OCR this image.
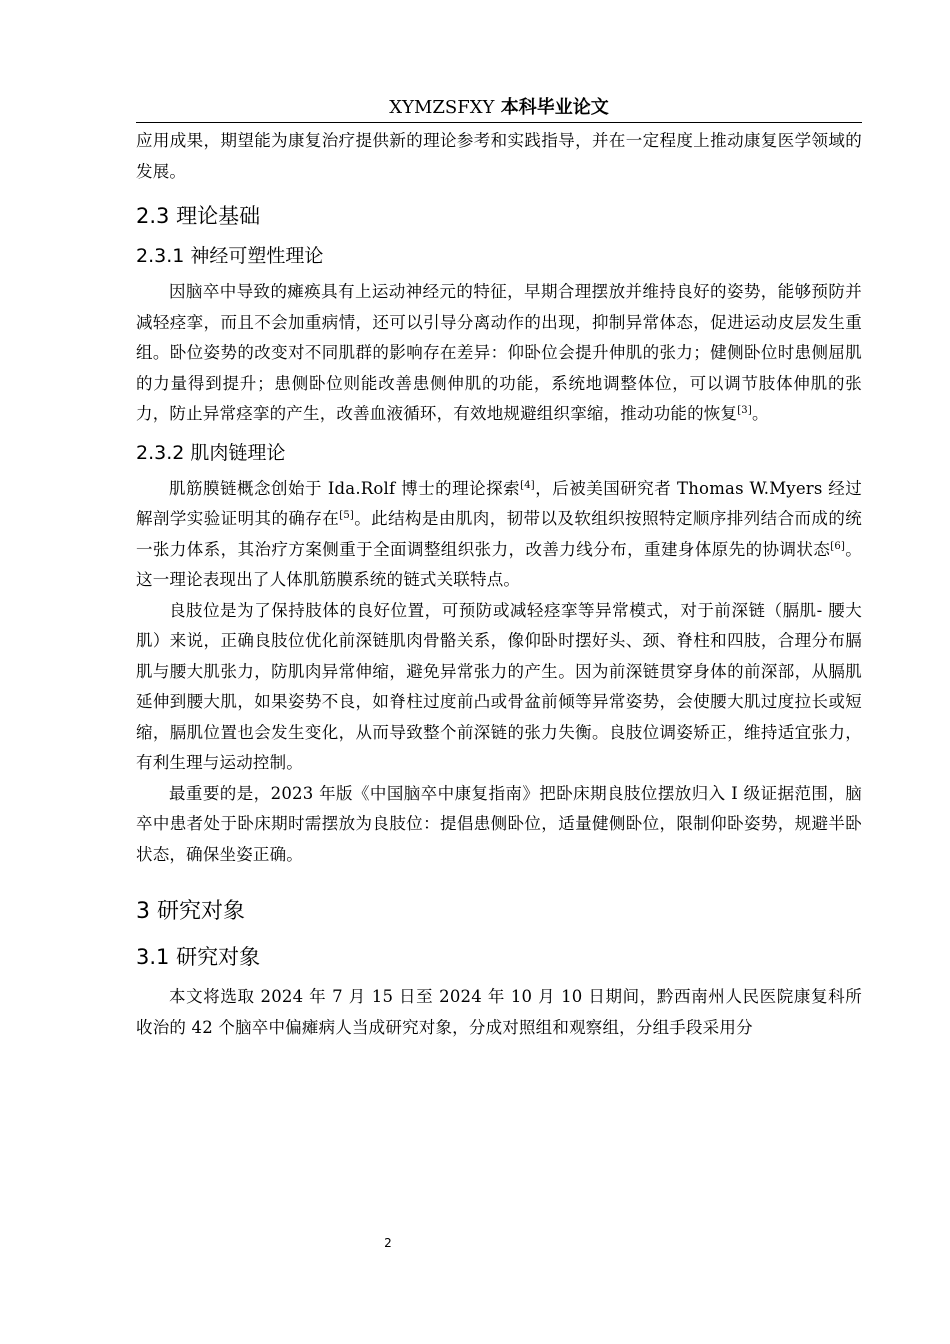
XYMZSFXY 本科毕业论文

应用成果，期望能为康复治疗提供新的理论参考和实践指导，并在一定程度上推动康复医学领域的发展。

2.3 理论基础
2.3.1 神经可塑性理论

因脑卒中导致的瘫痪具有上运动神经元的特征，早期合理摆放并维持良好的姿势，能够预防并减轻痉挛，而且不会加重病情，还可以引导分离动作的出现，抑制异常体态，促进运动皮层发生重组。卧位姿势的改变对不同肌群的影响存在差异：仰卧位会提升伸肌的张力；健侧卧位时患侧屈肌的力量得到提升；患侧卧位则能改善患侧伸肌的功能，系统地调整体位，可以调节肢体伸肌的张力，防止异常痉挛的产生，改善血液循环，有效地规避组织挛缩，推动功能的恢复[3]。

2.3.2 肌肉链理论

肌筋膜链概念创始于 Ida.Rolf 博士的理论探索[4]，后被美国研究者 Thomas W.Myers 经过解剖学实验证明其的确存在[5]。此结构是由肌肉，韧带以及软组织按照特定顺序排列结合而成的统一张力体系，其治疗方案侧重于全面调整组织张力，改善力线分布，重建身体原先的协调状态[6]。这一理论表现出了人体肌筋膜系统的链式关联特点。

良肢位是为了保持肢体的良好位置，可预防或减轻痉挛等异常模式，对于前深链（膈肌- 腰大肌）来说，正确良肢位优化前深链肌肉骨骼关系，像仰卧时摆好头、颈、脊柱和四肢，合理分布膈肌与腰大肌张力，防肌肉异常伸缩，避免异常张力的产生。因为前深链贯穿身体的前深部，从膈肌延伸到腰大肌，如果姿势不良，如脊柱过度前凸或骨盆前倾等异常姿势，会使腰大肌过度拉长或短缩，膈肌位置也会发生变化，从而导致整个前深链的张力失衡。良肢位调姿矫正，维持适宜张力，有利生理与运动控制。

最重要的是，2023 年版《中国脑卒中康复指南》把卧床期良肢位摆放归入 I 级证据范围，脑卒中患者处于卧床期时需摆放为良肢位：提倡患侧卧位，适量健侧卧位，限制仰卧姿势，规避半卧状态，确保坐姿正确。

3 研究对象
3.1 研究对象

本文将选取 2024 年 7 月 15 日至 2024 年 10 月 10 日期间，黔西南州人民医院康复科所收治的 42 个脑卒中偏瘫病人当成研究对象，分成对照组和观察组，分组手段采用分

2
